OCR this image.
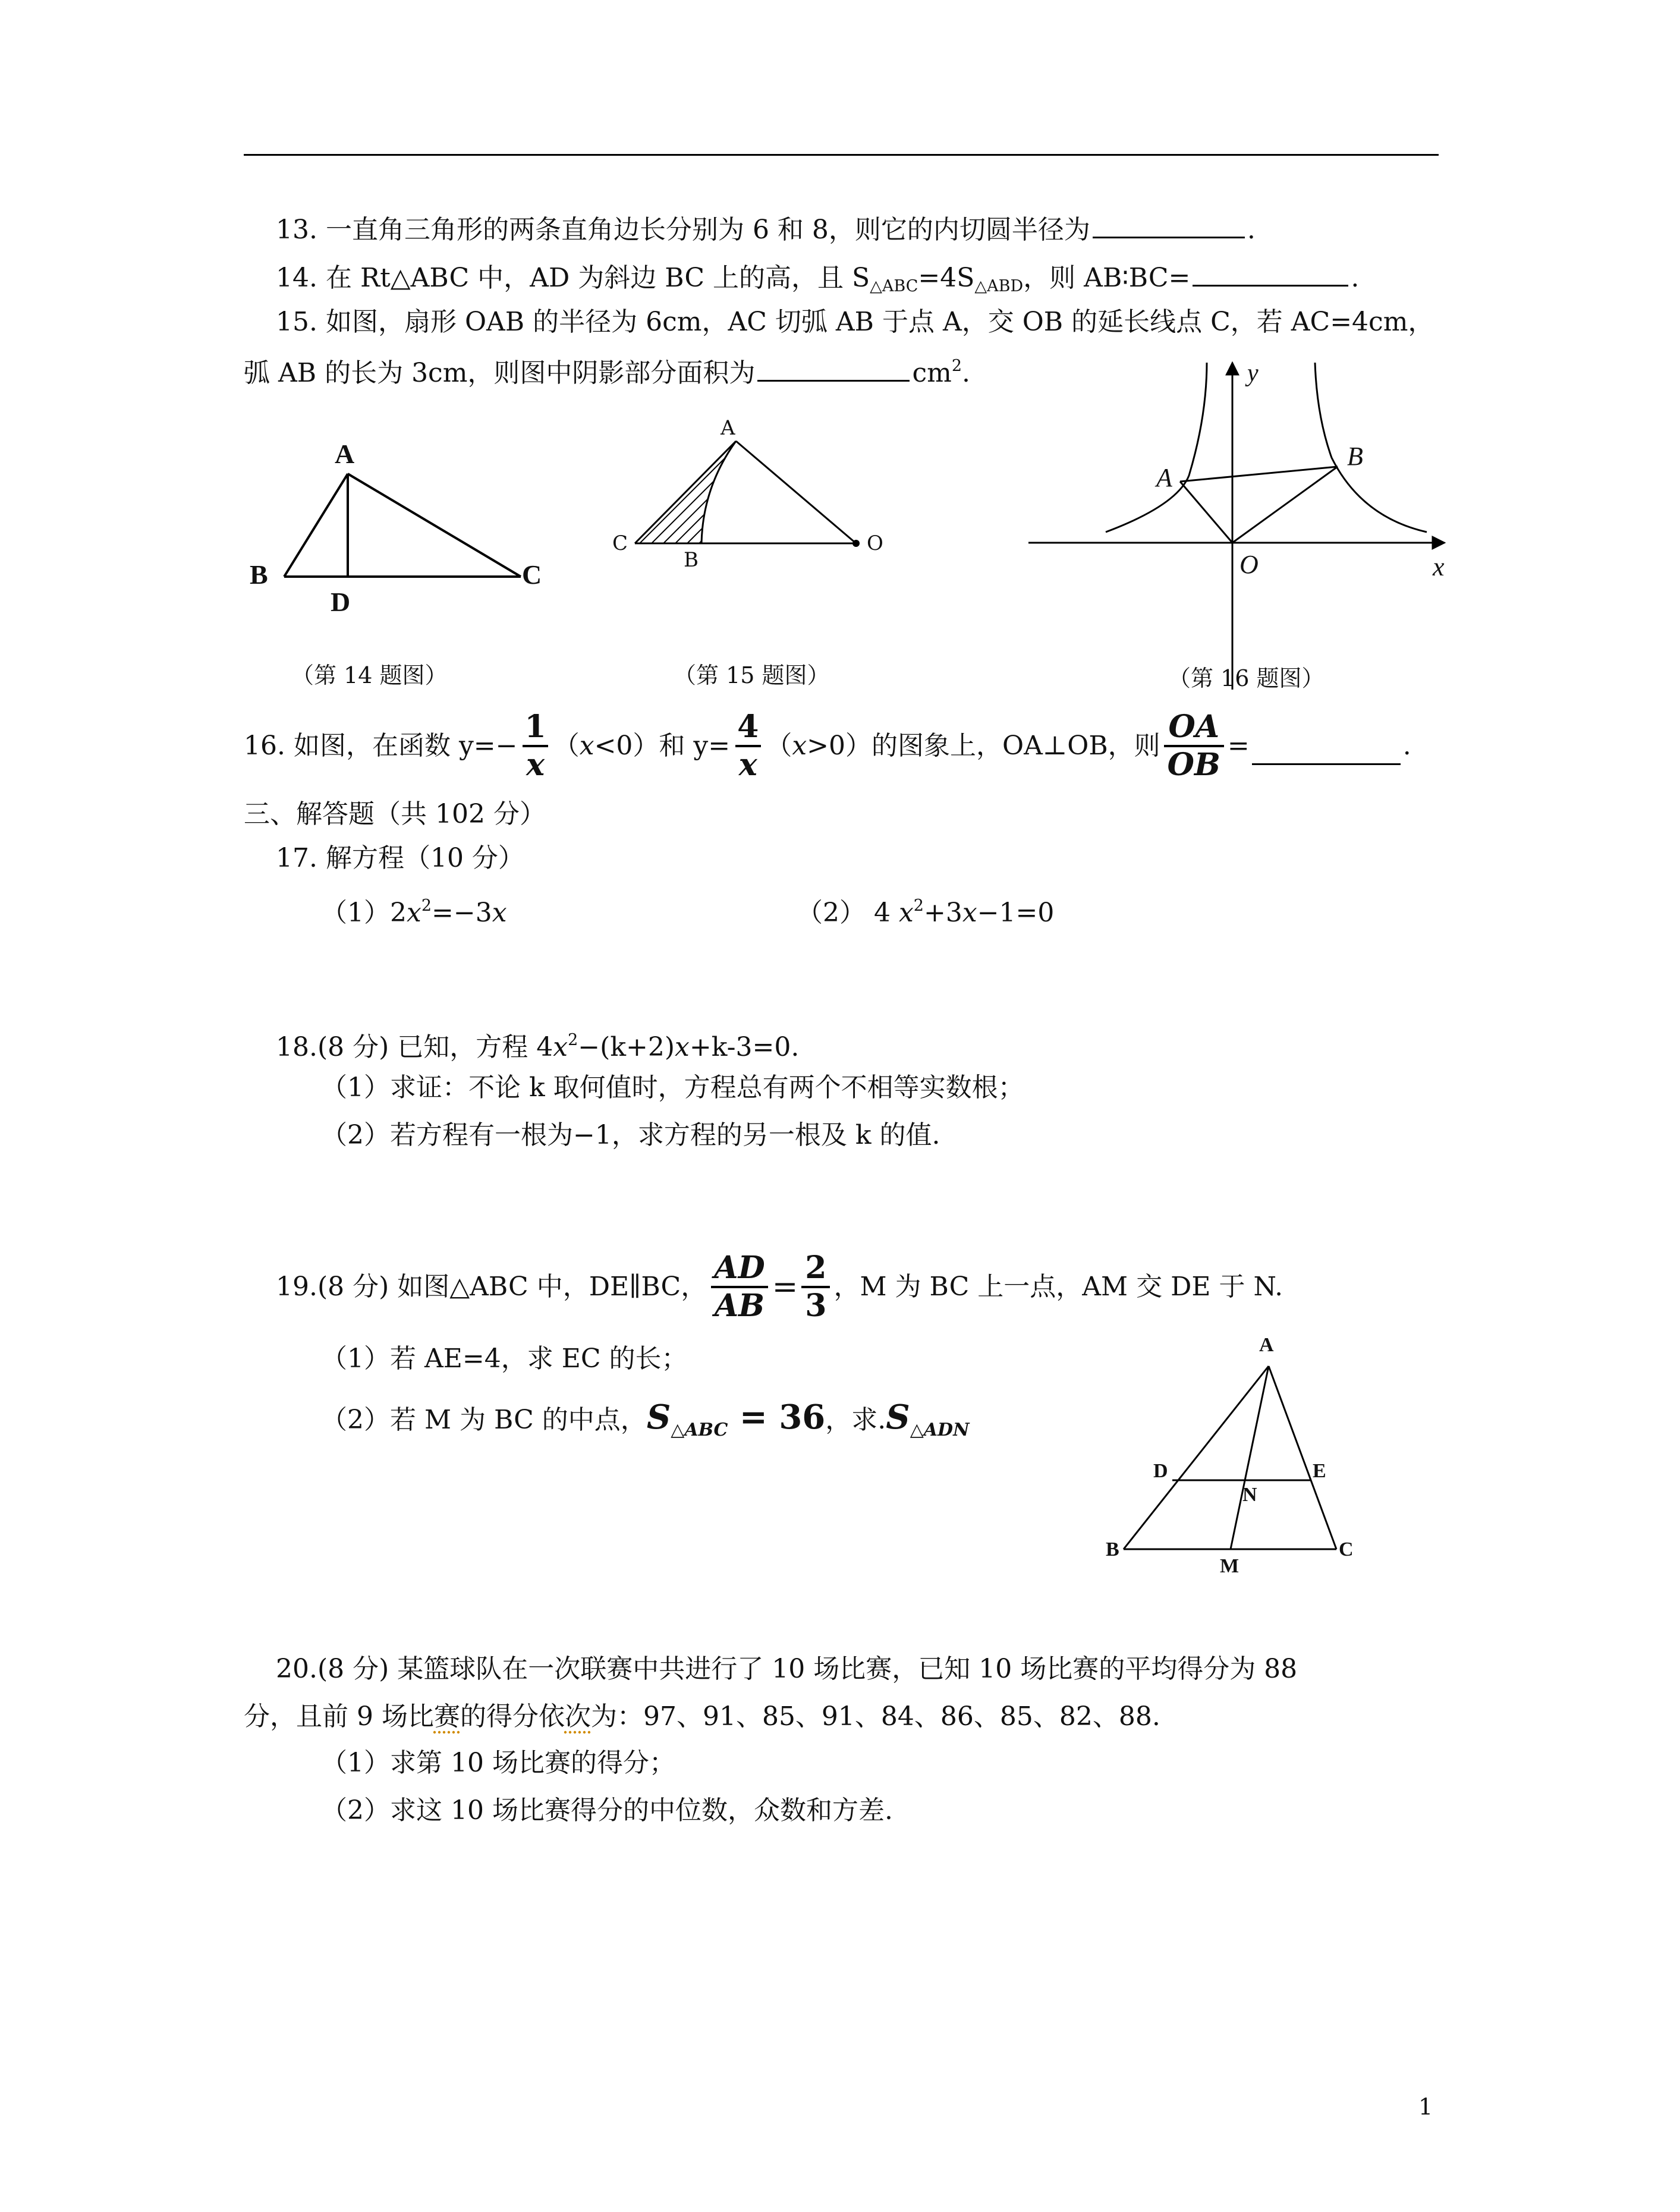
13. 一直角三角形的两条直角边长分别为 6 和 8，则它的内切圆半径为	.
14. 在 Rt△ABC 中，AD 为斜边 BC 上的高，且 $S_{\triangle ABC}=4S_{\triangle ABD}$，则 AB∶BC=	.
15. 如图，扇形 OAB 的半径为 6cm，AC 切弧 AB 于点 A，交 OB 的延长线点 C，若 AC=4cm，
弧 AB 的长为 3cm，则图中阴影部分面积为	$cm^2$.
A
B	C
D
（第 14 题图）
A
C
B
O
（第 15 题图）
y
A
B
O	x
（第 16 题图）
16. 如图，在函数 $y=- \frac{1}{x}$ （ x <0）和 $y= \frac{4}{x}$ （ x >0）的图象上，OA⊥OB，则 $\frac{OA}{OB}$ =	.
三、解答题（共 102 分）
17. 解方程（10 分）
$(1)2x^2=-3x$	（2） 4 $x^2+3x-1=0$
18.(8 分) 已知，方程 $4x^2-(k+2)x+k-3=0$.
（1）求证：不论 k 取何值时，方程总有两个不相等实数根；
（2）若方程有一根为−1，求方程的另一根及 k 的值.
19.(8 分) 如图△ABC 中，DE∥BC， $\frac{AD}{AB} = \frac{2}{3}$ ，M 为 BC 上一点，AM 交 DE 于 N.
（1）若 AE=4，求 EC 的长；
（2）若 M 为 BC 的中点，$S_{\triangle ABC} = 36$，求$.S_{\triangle ADN}$
A
D	E
N
B
M
C
20.(8 分) 某篮球队在一次联赛中共进行了 10 场比赛，已知 10 场比赛的平均得分为 88
分，且前 9 场比赛的得分依次为：97、91、85、91、84、86、85、82、88.
（1）求第 10 场比赛的得分；
（2）求这 10 场比赛得分的中位数，众数和方差.
1
